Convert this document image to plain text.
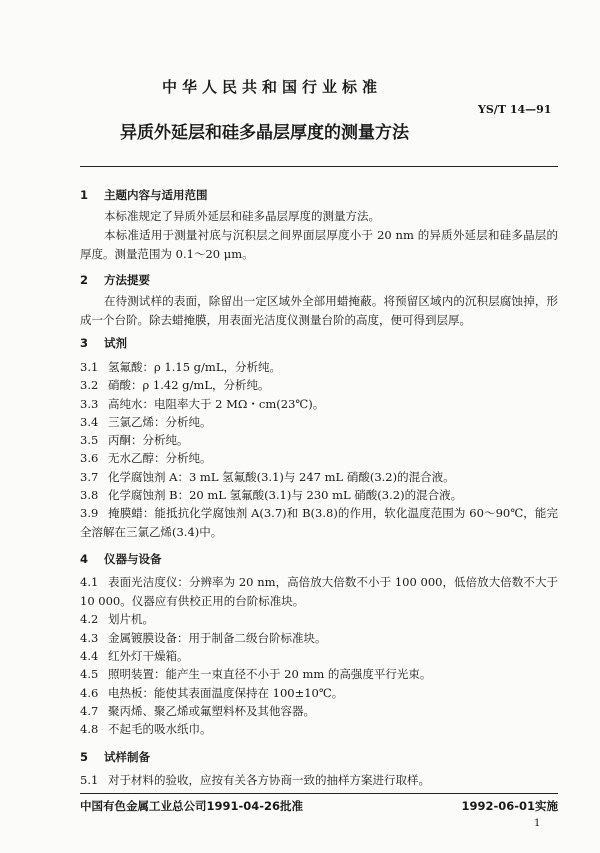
中华人民共和国行业标准
YS/T 14—91
异质外延层和硅多晶层厚度的测量方法
1 主题内容与适用范围
本标准规定了异质外延层和硅多晶层厚度的测量方法。
本标准适用于测量衬底与沉积层之间界面层厚度小于 20 nm 的异质外延层和硅多晶层的厚度。测量范围为 0.1～20 μm。
2 方法提要
在待测试样的表面，除留出一定区域外全部用蜡掩蔽。将预留区域内的沉积层腐蚀掉，形成一个台阶。除去蜡掩膜，用表面光洁度仪测量台阶的高度，便可得到层厚。
3 试剂
3.1 氢氟酸：ρ 1.15 g/mL，分析纯。
3.2 硝酸：ρ 1.42 g/mL，分析纯。
3.3 高纯水：电阻率大于 2 MΩ・cm(23℃)。
3.4 三氯乙烯：分析纯。
3.5 丙酮：分析纯。
3.6 无水乙醇：分析纯。
3.7 化学腐蚀剂 A：3 mL 氢氟酸(3.1)与 247 mL 硝酸(3.2)的混合液。
3.8 化学腐蚀剂 B：20 mL 氢氟酸(3.1)与 230 mL 硝酸(3.2)的混合液。
3.9 掩膜蜡：能抵抗化学腐蚀剂 A(3.7)和 B(3.8)的作用，软化温度范围为 60～90℃，能完全溶解在三氯乙烯(3.4)中。
4 仪器与设备
4.1 表面光洁度仪：分辨率为 20 nm，高倍放大倍数不小于 100 000，低倍放大倍数不大于 10 000。仪器应有供校正用的台阶标准块。
4.2 划片机。
4.3 金属镀膜设备：用于制备二级台阶标准块。
4.4 红外灯干燥箱。
4.5 照明装置：能产生一束直径不小于 20 mm 的高强度平行光束。
4.6 电热板：能使其表面温度保持在 100±10℃。
4.7 聚丙烯、聚乙烯或氟塑料杯及其他容器。
4.8 不起毛的吸水纸巾。
5 试样制备
5.1 对于材料的验收，应按有关各方协商一致的抽样方案进行取样。
中国有色金属工业总公司1991-04-26批准	1992-06-01实施
1
